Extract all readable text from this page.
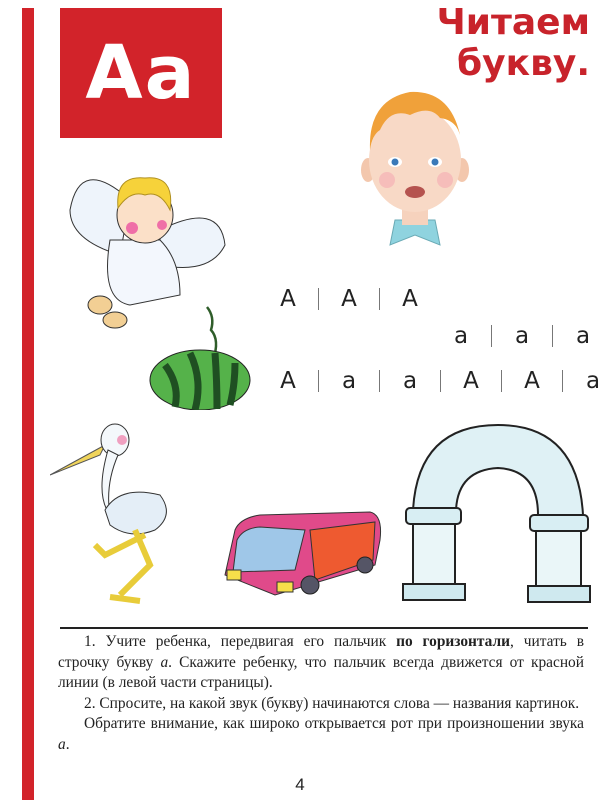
Aa
Читаем букву.
А А А
а а а
А а а А А а

1. Учите ребенка, передвигая его пальчик по горизонтали, читать в строчку букву а. Скажите ребенку, что пальчик всегда движется от красной линии (в левой части страницы).

2. Спросите, на какой звук (букву) начинаются слова — названия картинок.

Обратите внимание, как широко открывается рот при произношении звука а.

4
